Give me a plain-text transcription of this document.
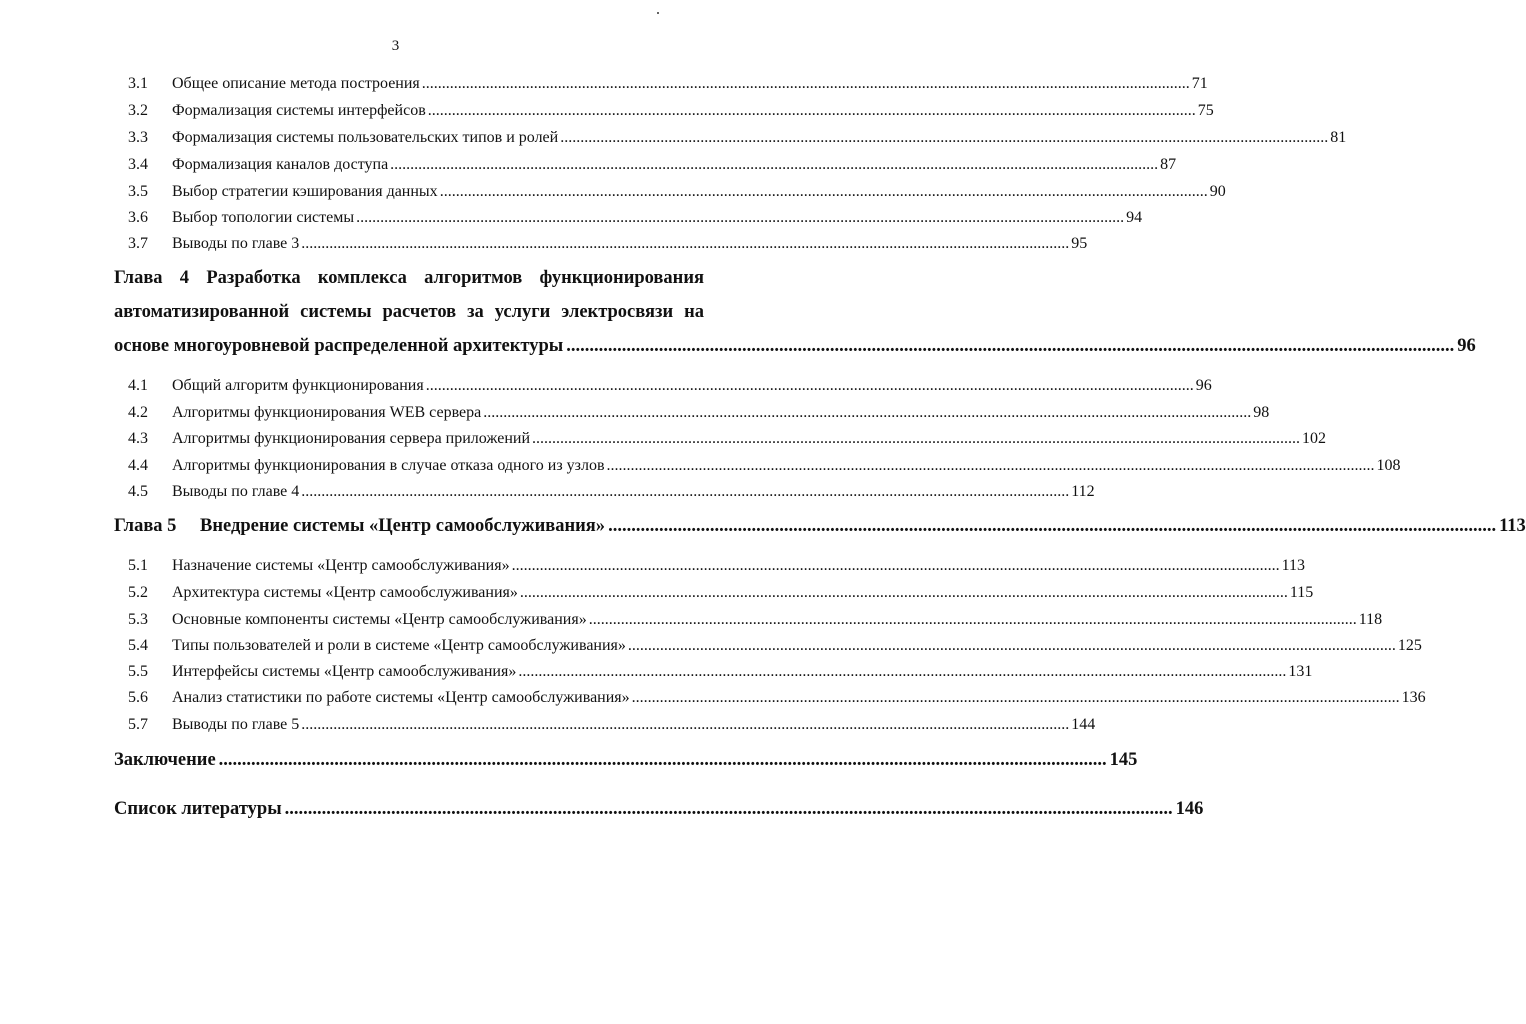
3
3.1	Общее описание метода построения .....	71
3.2	Формализация системы интерфейсов .....	75
3.3	Формализация системы пользовательских типов и ролей .....	81
3.4	Формализация каналов доступа .....	87
3.5	Выбор стратегии кэширования данных .....	90
3.6	Выбор топологии системы .....	94
3.7	Выводы по главе 3 .....	95
Глава 4 Разработка комплекса алгоритмов функционирования
автоматизированной системы расчетов за услуги электросвязи на
основе многоуровневой распределенной архитектуры .....	96
4.1	Общий алгоритм функционирования .....	96
4.2	Алгоритмы функционирования WEB сервера .....	98
4.3	Алгоритмы функционирования сервера приложений .....	102
4.4	Алгоритмы функционирования в случае отказа одного из узлов .....	108
4.5	Выводы по главе 4 .....	112
Глава 5 Внедрение системы «Центр самообслуживания» .....	113
5.1	Назначение системы «Центр самообслуживания» .....	113
5.2	Архитектура системы «Центр самообслуживания» .....	115
5.3	Основные компоненты системы «Центр самообслуживания» .....	118
5.4	Типы пользователей и роли в системе «Центр самообслуживания» .....	125
5.5	Интерфейсы системы «Центр самообслуживания» .....	131
5.6	Анализ статистики по работе системы «Центр самообслуживания» .....	136
5.7	Выводы по главе 5 .....	144
Заключение .....	145
Список литературы .....	146
